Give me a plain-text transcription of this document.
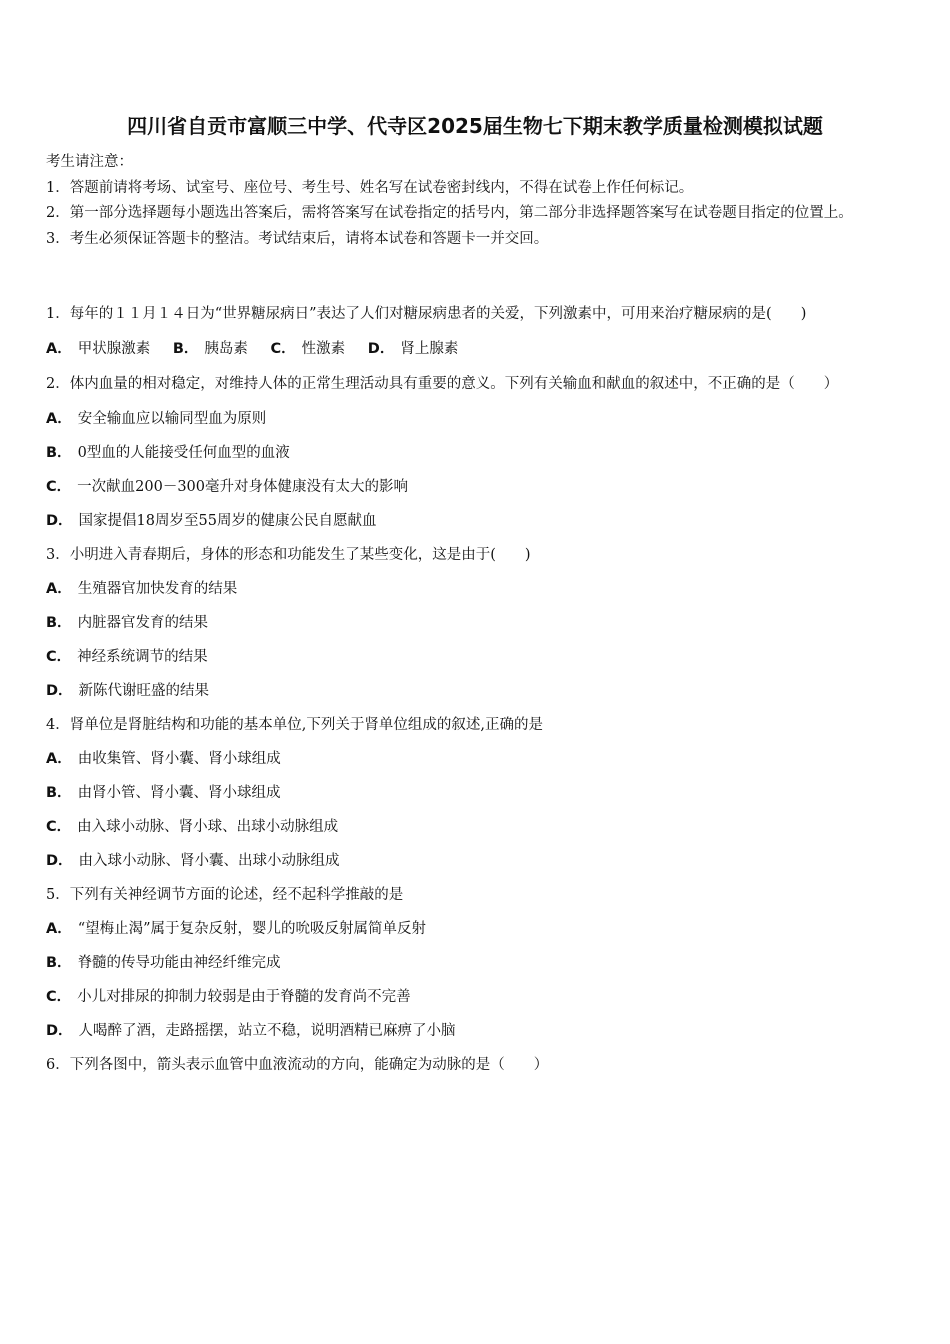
四川省自贡市富顺三中学、代寺区2025届生物七下期末教学质量检测模拟试题
考生请注意：
1．答题前请将考场、试室号、座位号、考生号、姓名写在试卷密封线内，不得在试卷上作任何标记。
2．第一部分选择题每小题选出答案后，需将答案写在试卷指定的括号内，第二部分非选择题答案写在试卷题目指定的位置上。
3．考生必须保证答题卡的整洁。考试结束后，请将本试卷和答题卡一并交回。
1．每年的１１月１４日为“世界糖尿病日”表达了人们对糖尿病患者的关爱，下列激素中，可用来治疗糖尿病的是(　　)
A． 甲状腺激素 B． 胰岛素 C． 性激素 D． 肾上腺素
2．体内血量的相对稳定，对维持人体的正常生理活动具有重要的意义。下列有关输血和献血的叙述中，不正确的是（　　）
A． 安全输血应以输同型血为原则
B． 0型血的人能接受任何血型的血液
C． 一次献血200－300毫升对身体健康没有太大的影响
D． 国家提倡18周岁至55周岁的健康公民自愿献血
3．小明进入青春期后，身体的形态和功能发生了某些变化，这是由于(　　)
A． 生殖器官加快发育的结果
B． 内脏器官发育的结果
C． 神经系统调节的结果
D． 新陈代谢旺盛的结果
4．肾单位是肾脏结构和功能的基本单位,下列关于肾单位组成的叙述,正确的是
A． 由收集管、肾小囊、肾小球组成
B． 由肾小管、肾小囊、肾小球组成
C． 由入球小动脉、肾小球、出球小动脉组成
D． 由入球小动脉、肾小囊、出球小动脉组成
5．下列有关神经调节方面的论述，经不起科学推敲的是
A． “望梅止渴”属于复杂反射，婴儿的吮吸反射属简单反射
B． 脊髓的传导功能由神经纤维完成
C． 小儿对排尿的抑制力较弱是由于脊髓的发育尚不完善
D． 人喝醉了酒，走路摇摆，站立不稳，说明酒精已麻痹了小脑
6．下列各图中，箭头表示血管中血液流动的方向，能确定为动脉的是（　　）
